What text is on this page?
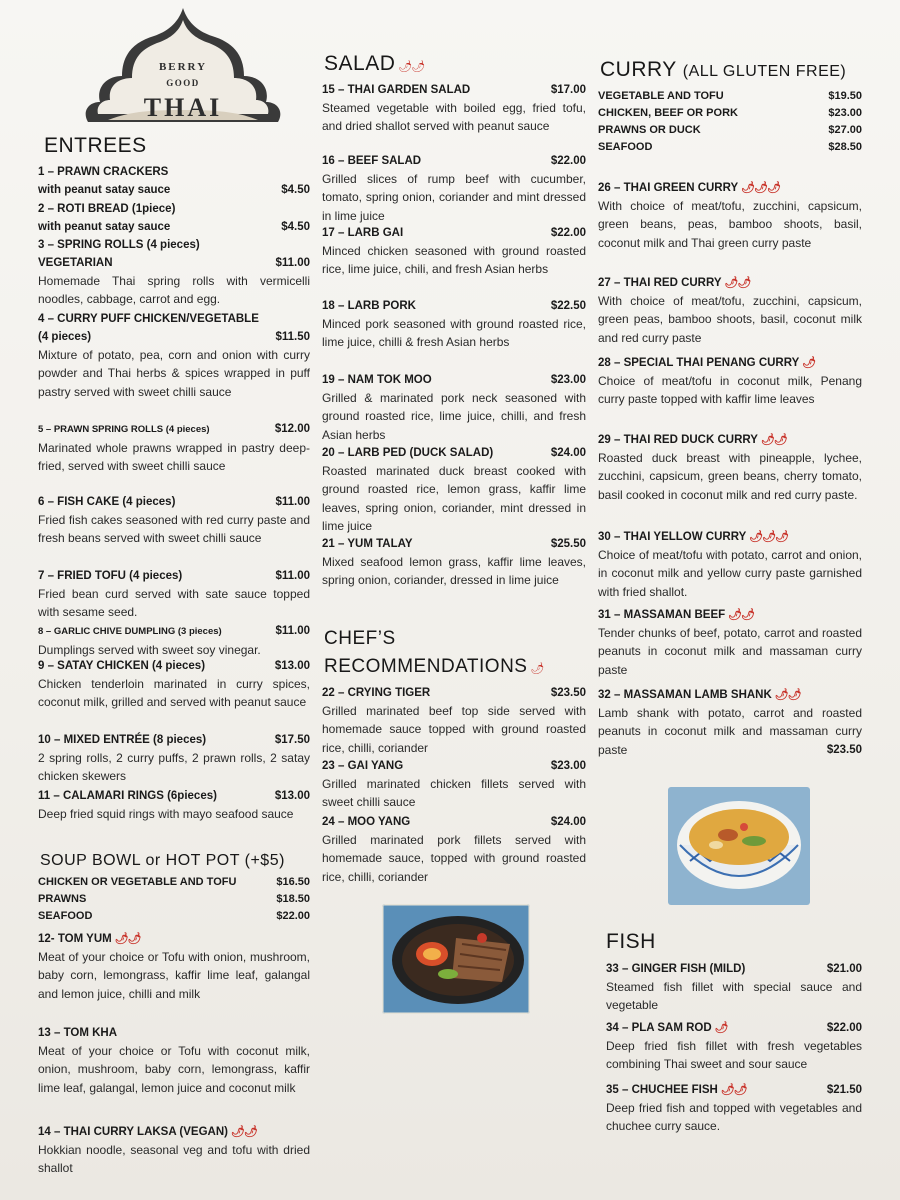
BERRY
GOOD
THAI
ENTREES
1 – PRAWN CRACKERS
with peanut satay sauce	$4.50
2 – ROTI BREAD (1piece)
with peanut satay sauce	$4.50
3 – SPRING ROLLS (4 pieces)
VEGETARIAN	$11.00
Homemade Thai spring rolls with vermicelli noodles, cabbage, carrot and egg.
4 – CURRY PUFF CHICKEN/VEGETABLE
(4 pieces)	$11.50
Mixture of potato, pea, corn and onion with curry powder and Thai herbs & spices wrapped in puff pastry served with sweet chilli sauce
5 – PRAWN SPRING ROLLS (4 pieces)	$12.00
Marinated whole prawns wrapped in pastry deep-fried, served with sweet chilli sauce
6 – FISH CAKE (4 pieces)	$11.00
Fried fish cakes seasoned with red curry paste and fresh beans served with sweet chilli sauce
7 – FRIED TOFU (4 pieces)	$11.00
Fried bean curd served with sate sauce topped with sesame seed.
8 – GARLIC CHIVE DUMPLING (3 pieces)	$11.00
Dumplings served with sweet soy vinegar.
9 – SATAY CHICKEN (4 pieces)	$13.00
Chicken tenderloin marinated in curry spices, coconut milk, grilled and served with peanut sauce
10 – MIXED ENTRÉE (8 pieces)	$17.50
2 spring rolls, 2 curry puffs, 2 prawn rolls, 2 satay chicken skewers
11 – CALAMARI RINGS (6pieces)	$13.00
Deep fried squid rings with mayo seafood sauce
SOUP BOWL or HOT POT (+$5)
CHICKEN OR VEGETABLE AND TOFU	$16.50
PRAWNS	$18.50
SEAFOOD	$22.00
12- TOM YUM 🌶🌶
Meat of your choice or Tofu with onion, mushroom, baby corn, lemongrass, kaffir lime leaf, galangal and lemon juice, chilli and milk
13 – TOM KHA
Meat of your choice or Tofu with coconut milk, onion, mushroom, baby corn, lemongrass, kaffir lime leaf, galangal, lemon juice and coconut milk
14 – THAI CURRY LAKSA (VEGAN) 🌶🌶
Hokkian noodle, seasonal veg and tofu with dried shallot
SALAD 🌶🌶
15 – THAI GARDEN SALAD	$17.00
Steamed vegetable with boiled egg, fried tofu, and dried shallot served with peanut sauce
16 – BEEF SALAD	$22.00
Grilled slices of rump beef with cucumber, tomato, spring onion, coriander and mint dressed in lime juice
17 – LARB GAI	$22.00
Minced chicken seasoned with ground roasted rice, lime juice, chili, and fresh Asian herbs
18 – LARB PORK	$22.50
Minced pork seasoned with ground roasted rice, lime juice, chilli & fresh Asian herbs
19 – NAM TOK MOO	$23.00
Grilled & marinated pork neck seasoned with ground roasted rice, lime juice, chilli, and fresh Asian herbs
20 – LARB PED (DUCK SALAD)	$24.00
Roasted marinated duck breast cooked with ground roasted rice, lemon grass, kaffir lime leaves, spring onion, coriander, mint dressed in lime juice
21 – YUM TALAY	$25.50
Mixed seafood lemon grass, kaffir lime leaves, spring onion, coriander, dressed in lime juice
CHEF’S
RECOMMENDATIONS 🌶
22 – CRYING TIGER	$23.50
Grilled marinated beef top side served with homemade sauce topped with ground roasted rice, chilli, coriander
23 – GAI YANG	$23.00
Grilled marinated chicken fillets served with sweet chilli sauce
24 – MOO YANG	$24.00
Grilled marinated pork fillets served with homemade sauce, topped with ground roasted rice, chilli, coriander
CURRY (ALL GLUTEN FREE)
VEGETABLE AND TOFU	$19.50
CHICKEN, BEEF OR PORK	$23.00
PRAWNS OR DUCK	$27.00
SEAFOOD	$28.50
26 – THAI GREEN CURRY 🌶🌶🌶
With choice of meat/tofu, zucchini, capsicum, green beans, peas, bamboo shoots, basil, coconut milk and Thai green curry paste
27 – THAI RED CURRY 🌶🌶
With choice of meat/tofu, zucchini, capsicum, green peas, bamboo shoots, basil, coconut milk and red curry paste
28 – SPECIAL THAI PENANG CURRY 🌶
Choice of meat/tofu in coconut milk, Penang curry paste topped with kaffir lime leaves
29 – THAI RED DUCK CURRY 🌶🌶
Roasted duck breast with pineapple, lychee, zucchini, capsicum, green beans, cherry tomato, basil cooked in coconut milk and red curry paste.
30 – THAI YELLOW CURRY 🌶🌶🌶
Choice of meat/tofu with potato, carrot and onion, in coconut milk and yellow curry paste garnished with fried shallot.
31 – MASSAMAN BEEF 🌶🌶
Tender chunks of beef, potato, carrot and roasted peanuts in coconut milk and massaman curry paste
32 – MASSAMAN LAMB SHANK 🌶🌶
Lamb shank with potato, carrot and roasted peanuts in coconut milk and massaman curry paste	$23.50
FISH
33 – GINGER FISH (MILD)	$21.00
Steamed fish fillet with special sauce and vegetable
34 – PLA SAM ROD 🌶	$22.00
Deep fried fish fillet with fresh vegetables combining Thai sweet and sour sauce
35 – CHUCHEE FISH 🌶🌶	$21.50
Deep fried fish and topped with vegetables and chuchee curry sauce.
